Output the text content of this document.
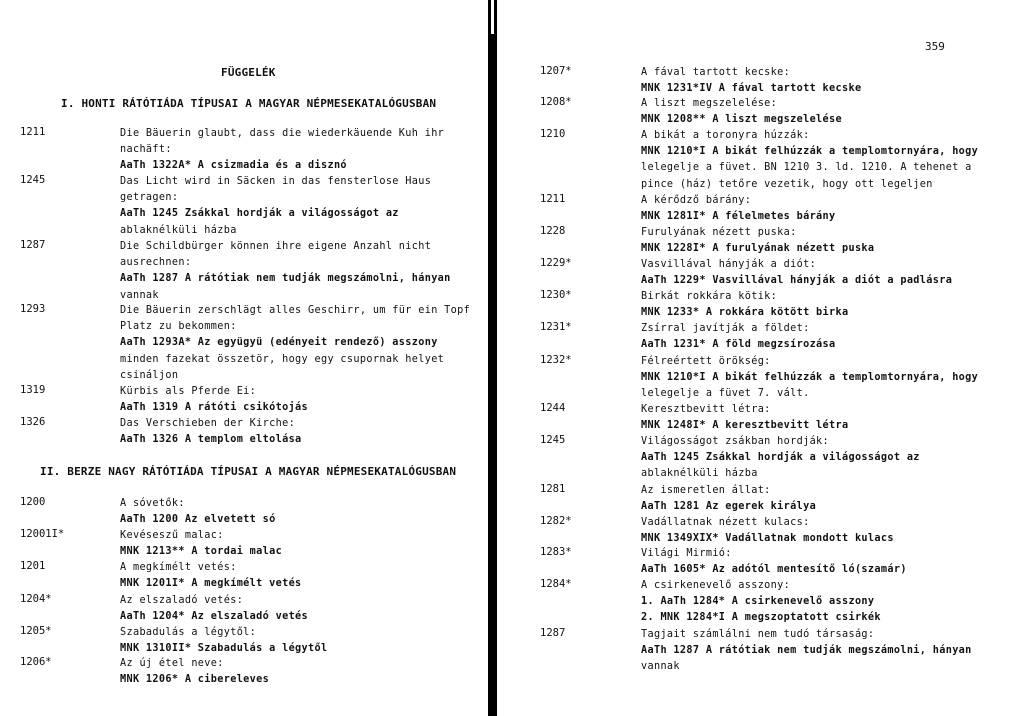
FÜGGELÉK
I. HONTI RÁTÓTIÁDA TÍPUSAI A MAGYAR NÉPMESEKATALÓGUSBAN
1211	Die Bäuerin glaubt, dass die wiederkäuende Kuh ihr
nachäft:
AaTh 1322A* A csizmadia és a disznó
1245	Das Licht wird in Säcken in das fensterlose Haus
getragen:
AaTh 1245 Zsákkal hordják a világosságot az
ablaknélküli házba
1287	Die Schildbürger können ihre eigene Anzahl nicht
ausrechnen:
AaTh 1287 A rátótiak nem tudják megszámolni, hányan
vannak
1293	Die Bäuerin zerschlägt alles Geschirr, um für ein Topf
Platz zu bekommen:
AaTh 1293A* Az együgyü (edényeit rendező) asszony
minden fazekat összetör, hogy egy csupornak helyet
csináljon
1319	Kürbis als Pferde Ei:
AaTh 1319 A rátóti csikótojás
1326	Das Verschieben der Kirche:
AaTh 1326 A templom eltolása
II. BERZE NAGY RÁTÓTIÁDA TÍPUSAI A MAGYAR NÉPMESEKATALÓGUSBAN
1200	A sóvetők:
AaTh 1200 Az elvetett só
12001I*	Kevéseszű malac:
MNK 1213** A tordai malac
1201	A megkímélt vetés:
MNK 1201I* A megkímélt vetés
1204*	Az elszaladó vetés:
AaTh 1204* Az elszaladó vetés
1205*	Szabadulás a légytől:
MNK 1310II* Szabadulás a légytől
1206*	Az új étel neve:
MNK 1206* A cibereleves
359
1207*	A fával tartott kecske:
MNK 1231*IV A fával tartott kecske
1208*	A liszt megszelelése:
MNK 1208** A liszt megszelelése
1210	A bikát a toronyra húzzák:
MNK 1210*I A bikát felhúzzák a templomtornyára, hogy
lelegelje a füvet. BN 1210 3. ld. 1210. A tehenet a
pince (ház) tetőre vezetik, hogy ott legeljen
1211	A kérődző bárány:
MNK 1281I* A félelmetes bárány
1228	Furulyának nézett puska:
MNK 1228I* A furulyának nézett puska
1229*	Vasvillával hányják a diót:
AaTh 1229* Vasvillával hányják a diót a padlásra
1230*	Birkát rokkára kötik:
MNK 1233* A rokkára kötött birka
1231*	Zsírral javítják a földet:
AaTh 1231* A föld megzsírozása
1232*	Félreértett örökség:
MNK 1210*I A bikát felhúzzák a templomtornyára, hogy
lelegelje a füvet 7. vált.
1244	Keresztbevitt létra:
MNK 1248I* A keresztbevitt létra
1245	Világosságot zsákban hordják:
AaTh 1245 Zsákkal hordják a világosságot az
ablaknélküli házba
1281	Az ismeretlen állat:
AaTh 1281 Az egerek királya
1282*	Vadállatnak nézett kulacs:
MNK 1349XIX* Vadállatnak mondott kulacs
1283*	Világi Mirmió:
AaTh 1605* Az adótól mentesítő ló(szamár)
1284*	A csirkenevelő asszony:
1. AaTh 1284* A csirkenevelő asszony
2. MNK 1284*I A megszoptatott csirkék
1287	Tagjait számlálni nem tudó társaság:
AaTh 1287 A rátótiak nem tudják megszámolni, hányan
vannak
